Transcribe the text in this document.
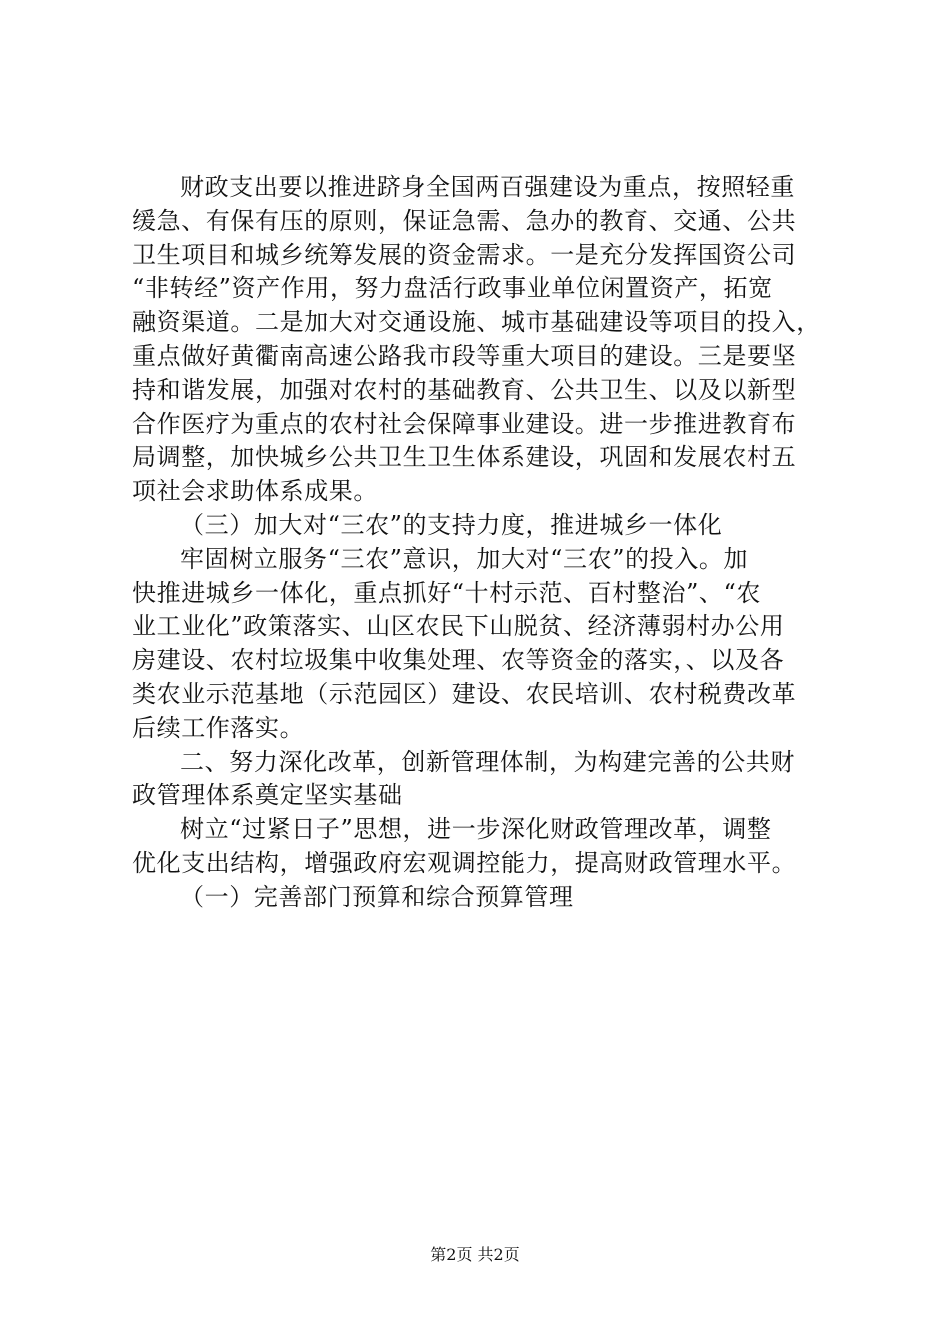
财政支出要以推进跻身全国两百强建设为重点，按照轻重
缓急、有保有压的原则，保证急需、急办的教育、交通、公共
卫生项目和城乡统筹发展的资金需求。一是充分发挥国资公司
“非转经”资产作用，努力盘活行政事业单位闲置资产，拓宽
融资渠道。二是加大对交通设施、城市基础建设等项目的投入，
重点做好黄衢南高速公路我市段等重大项目的建设。三是要坚
持和谐发展，加强对农村的基础教育、公共卫生、以及以新型
合作医疗为重点的农村社会保障事业建设。进一步推进教育布
局调整，加快城乡公共卫生卫生体系建设，巩固和发展农村五
项社会求助体系成果。
（三）加大对“三农”的支持力度，推进城乡一体化
牢固树立服务“三农”意识，加大对“三农”的投入。加
快推进城乡一体化，重点抓好“十村示范、百村整治”、“农
业工业化”政策落实、山区农民下山脱贫、经济薄弱村办公用
房建设、农村垃圾集中收集处理、农等资金的落实，、以及各
类农业示范基地（示范园区）建设、农民培训、农村税费改革
后续工作落实。
二、努力深化改革，创新管理体制，为构建完善的公共财
政管理体系奠定坚实基础
树立“过紧日子”思想，进一步深化财政管理改革，调整
优化支出结构，增强政府宏观调控能力，提高财政管理水平。
（一）完善部门预算和综合预算管理
第2页 共2页
